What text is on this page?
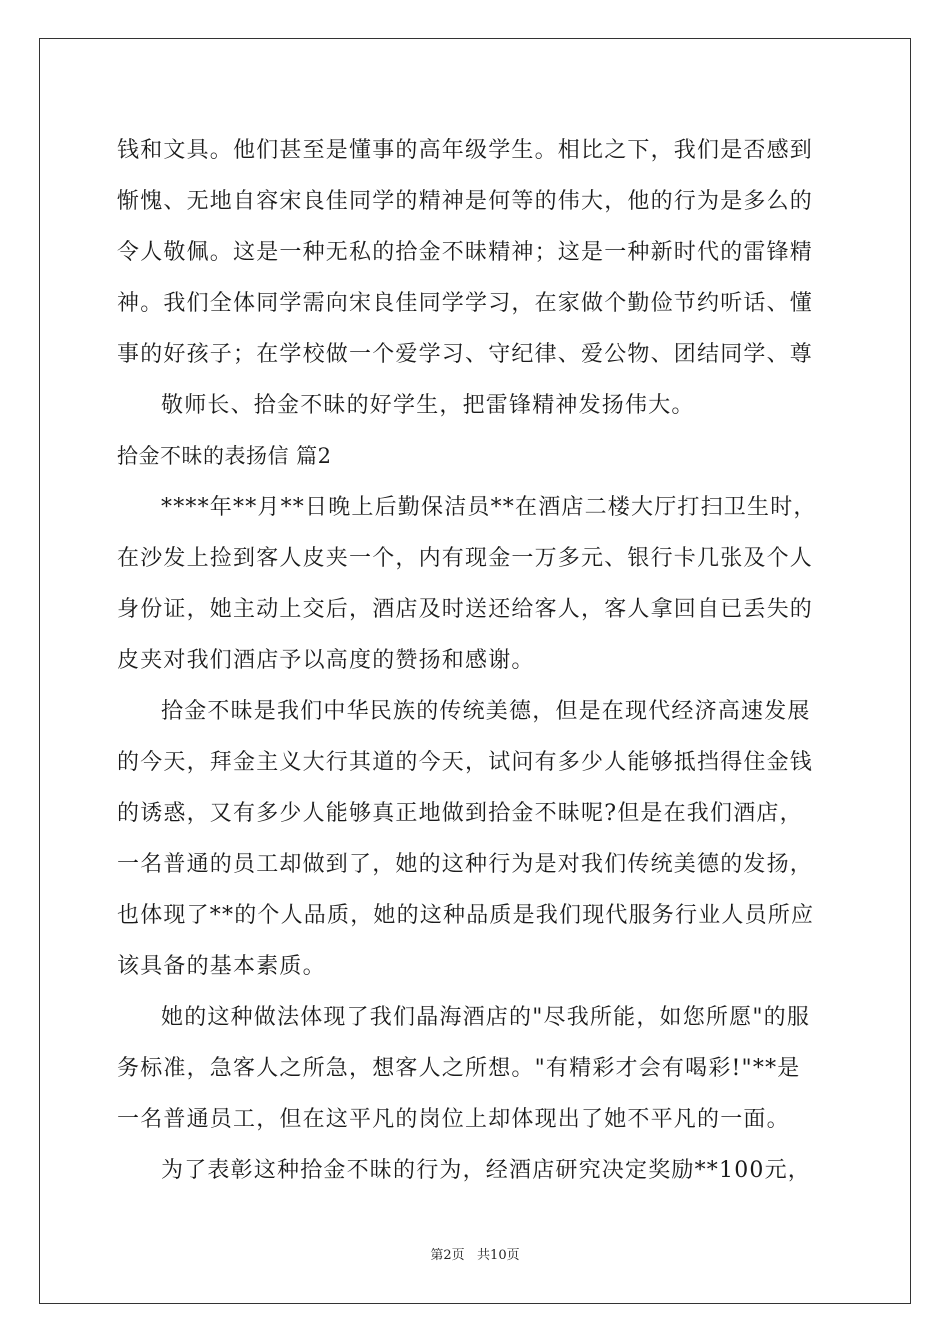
钱和文具。他们甚至是懂事的高年级学生。相比之下，我们是否感到
惭愧、无地自容宋良佳同学的精神是何等的伟大，他的行为是多么的
令人敬佩。这是一种无私的拾金不昧精神；这是一种新时代的雷锋精
神。我们全体同学需向宋良佳同学学习，在家做个勤俭节约听话、懂
事的好孩子；在学校做一个爱学习、守纪律、爱公物、团结同学、尊
敬师长、拾金不昧的好学生，把雷锋精神发扬伟大。
拾金不昧的表扬信 篇2
****年**月**日晚上后勤保洁员**在酒店二楼大厅打扫卫生时，
在沙发上捡到客人皮夹一个，内有现金一万多元、银行卡几张及个人
身份证，她主动上交后，酒店及时送还给客人，客人拿回自已丢失的
皮夹对我们酒店予以高度的赞扬和感谢。
拾金不昧是我们中华民族的传统美德，但是在现代经济高速发展
的今天，拜金主义大行其道的今天，试问有多少人能够抵挡得住金钱
的诱惑，又有多少人能够真正地做到拾金不昧呢?但是在我们酒店，
一名普通的员工却做到了，她的这种行为是对我们传统美德的发扬，
也体现了**的个人品质，她的这种品质是我们现代服务行业人员所应
该具备的基本素质。
她的这种做法体现了我们晶海酒店的"尽我所能，如您所愿"的服
务标准，急客人之所急，想客人之所想。"有精彩才会有喝彩!"**是
一名普通员工，但在这平凡的岗位上却体现出了她不平凡的一面。
为了表彰这种拾金不昧的行为，经酒店研究决定奖励**100元，
第2页   共10页
